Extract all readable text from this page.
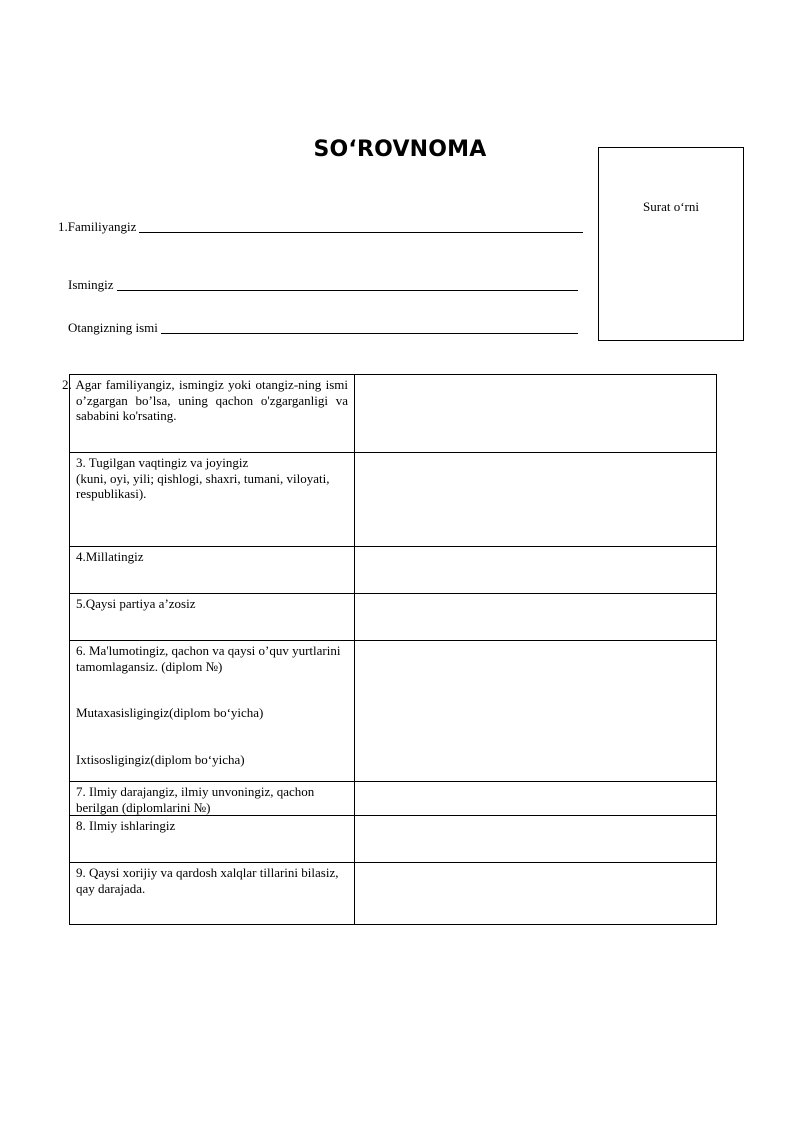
SO‘ROVNOMA
Surat o‘rni
1.Familiyangiz
Ismingiz
Otangizning ismi
2. Agar familiyangiz, ismingiz yoki otangiz-ning ismi o’zgargan bo’lsa, uning qachon o'zgarganligi va sababini ko'rsating.	

3. Tugilgan vaqtingiz va joyingiz
(kuni, oyi, yili; qishlogi, shaxri, tumani, viloyati, respublikasi).	

4.Millatingiz	
5.Qaysi partiya a’zosiz	

6. Ma'lumotingiz, qachon va qaysi o’quv yurtlarini tamomlagansiz. (diplom №)
Mutaxasisligingiz(diplom bo‘yicha)
Ixtisosligingiz(diplom bo‘yicha)	

7. Ilmiy darajangiz, ilmiy unvoningiz, qachon berilgan (diplomlarini №)	
8. Ilmiy ishlaringiz	
9. Qaysi xorijiy va qardosh xalqlar tillarini bilasiz, qay darajada.	
